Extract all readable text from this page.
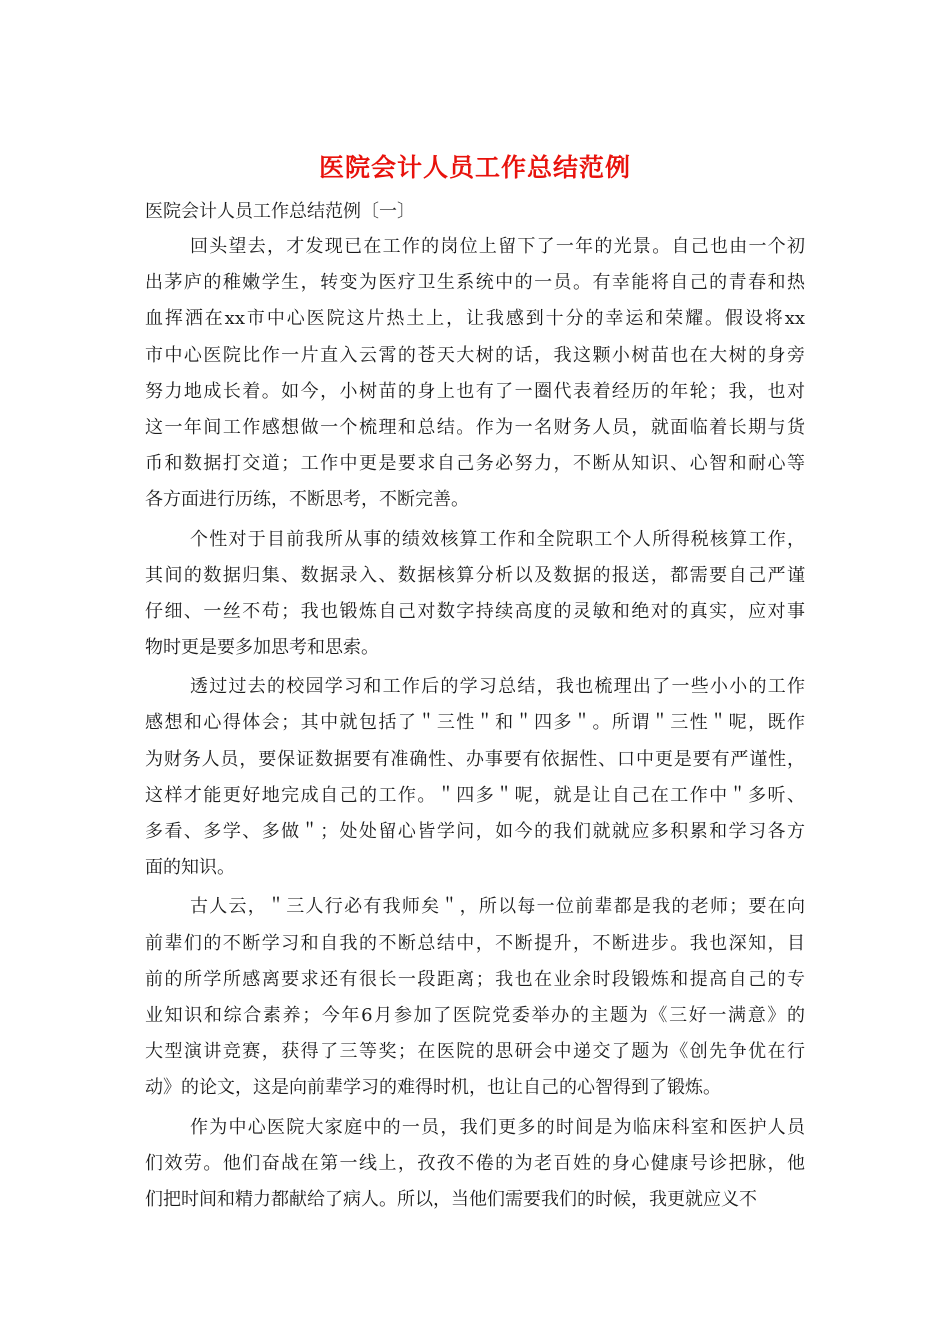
医院会计人员工作总结范例
医院会计人员工作总结范例〔一〕
回头望去，才发现已在工作的岗位上留下了一年的光景。自己也由一个初
出茅庐的稚嫩学生，转变为医疗卫生系统中的一员。有幸能将自己的青春和热
血挥洒在xx市中心医院这片热土上，让我感到十分的幸运和荣耀。假设将xx
市中心医院比作一片直入云霄的苍天大树的话，我这颗小树苗也在大树的身旁
努力地成长着。如今，小树苗的身上也有了一圈代表着经历的年轮；我，也对
这一年间工作感想做一个梳理和总结。作为一名财务人员，就面临着长期与货
币和数据打交道；工作中更是要求自己务必努力，不断从知识、心智和耐心等
各方面进行历练，不断思考，不断完善。
个性对于目前我所从事的绩效核算工作和全院职工个人所得税核算工作，
其间的数据归集、数据录入、数据核算分析以及数据的报送，都需要自己严谨
仔细、一丝不苟；我也锻炼自己对数字持续高度的灵敏和绝对的真实，应对事
物时更是要多加思考和思索。
透过过去的校园学习和工作后的学习总结，我也梳理出了一些小小的工作
感想和心得体会；其中就包括了＂三性＂和＂四多＂。所谓＂三性＂呢，既作
为财务人员，要保证数据要有准确性、办事要有依据性、口中更是要有严谨性，
这样才能更好地完成自己的工作。＂四多＂呢，就是让自己在工作中＂多听、
多看、多学、多做＂；处处留心皆学问，如今的我们就就应多积累和学习各方
面的知识。
古人云，＂三人行必有我师矣＂，所以每一位前辈都是我的老师；要在向
前辈们的不断学习和自我的不断总结中，不断提升，不断进步。我也深知，目
前的所学所感离要求还有很长一段距离；我也在业余时段锻炼和提高自己的专
业知识和综合素养；今年6月参加了医院党委举办的主题为《三好一满意》的
大型演讲竞赛，获得了三等奖；在医院的思研会中递交了题为《创先争优在行
动》的论文，这是向前辈学习的难得时机，也让自己的心智得到了锻炼。
作为中心医院大家庭中的一员，我们更多的时间是为临床科室和医护人员
们效劳。他们奋战在第一线上，孜孜不倦的为老百姓的身心健康号诊把脉，他
们把时间和精力都献给了病人。所以，当他们需要我们的时候，我更就应义不
